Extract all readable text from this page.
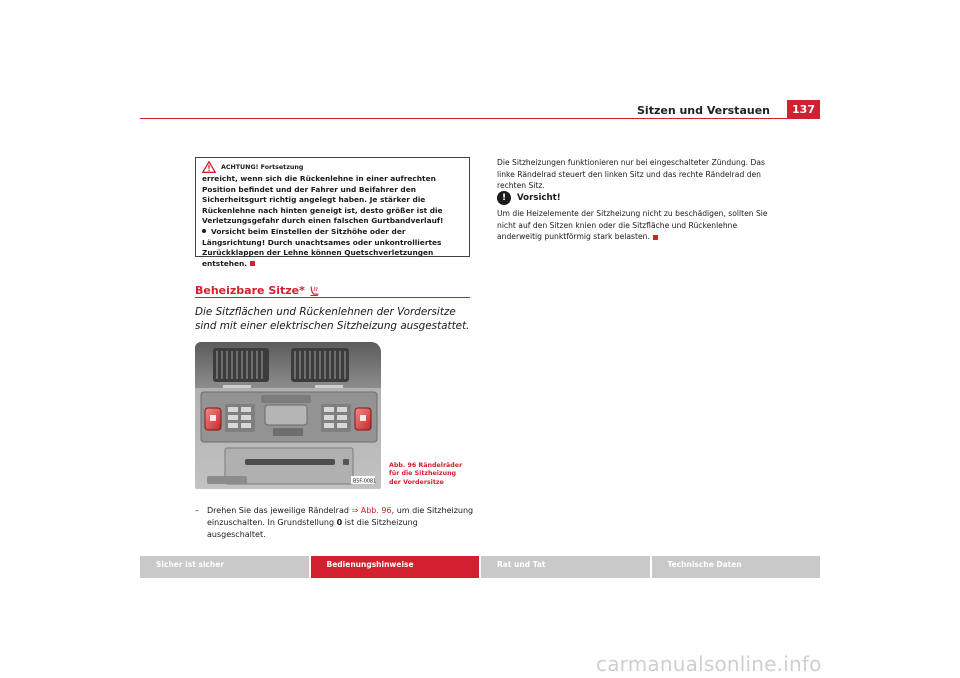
Sitzen und Verstauen	137
ACHTUNG! Fortsetzung

erreicht, wenn sich die Rückenlehne in einer aufrechten Position befindet und der Fahrer und Beifahrer den Sicherheitsgurt richtig angelegt haben. Je stärker die Rückenlehne nach hinten geneigt ist, desto größer ist die Verletzungsgefahr durch einen falschen Gurtbandverlauf!

Vorsicht beim Einstellen der Sitzhöhe oder der Längsrichtung! Durch unachtsames oder unkontrolliertes Zurückklappen der Lehne können Quetschverletzungen entstehen.

Beheizbare Sitze*

Die Sitzflächen und Rückenlehnen der Vordersitze sind mit einer elektrischen Sitzheizung ausgestattet.

B5F-0081

Abb. 96 Rändelräder für die Sitzheizung der Vordersitze

– Drehen Sie das jeweilige Rändelrad ⇒ Abb. 96, um die Sitzheizung einzuschalten. In Grundstellung 0 ist die Sitzheizung ausgeschaltet.

Die Sitzheizungen funktionieren nur bei eingeschalteter Zündung. Das linke Rändelrad steuert den linken Sitz und das rechte Rändelrad den rechten Sitz.

!	Vorsicht!

Um die Heizelemente der Sitzheizung nicht zu beschädigen, sollten Sie nicht auf den Sitzen knien oder die Sitzfläche und Rückenlehne anderweitig punktförmig stark belasten.

Sicher ist sicher	Bedienungshinweise	Rat und Tat	Technische Daten
carmanualsonline.info
